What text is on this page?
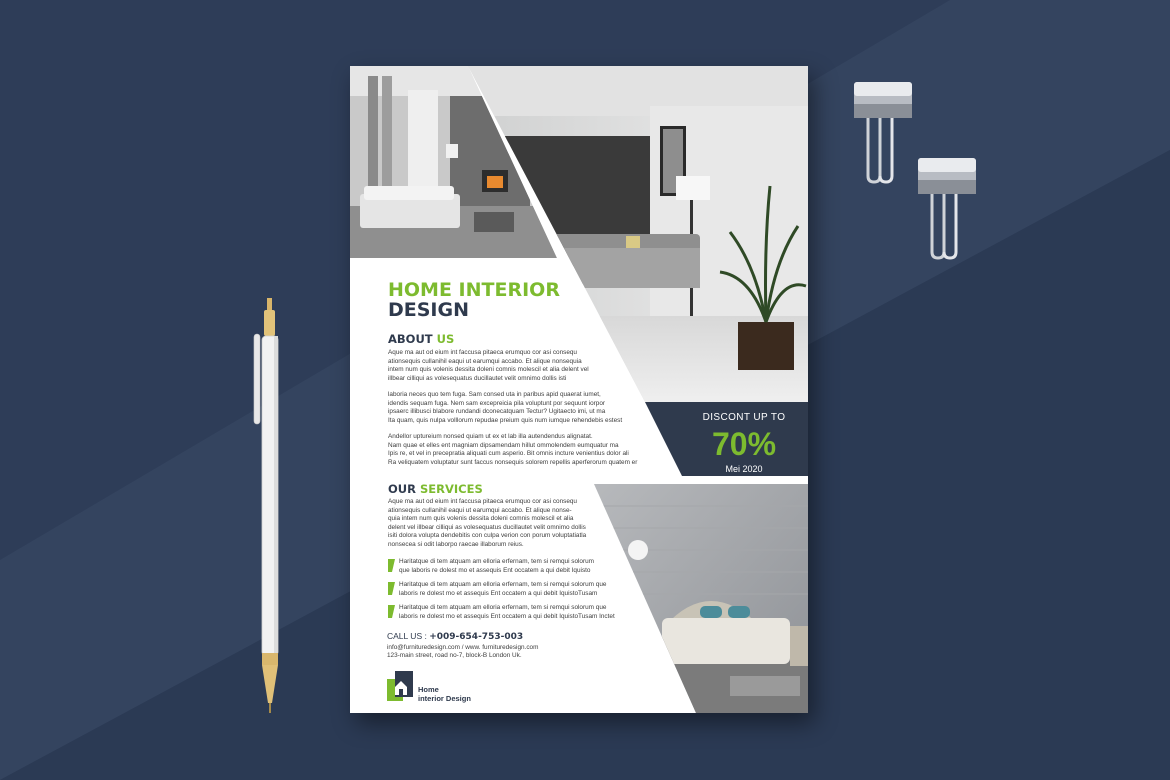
HOME INTERIOR
DESIGN
ABOUT US
Aque ma aut od eium int faccusa pitaeca erumquo cor asi consequ
ationsequis cullanihil eaqui ut earumqui accabo. Et alique nonsequia
intem num quis volenis dessita doleni comnis molescil et alia delent vel
illbear cilliqui as volesequatus ducillautet velit omnimo dollis isti
laboria neces quo tem fuga. Sam consed uta in paribus apid quaerat iumet,
idendis sequam fuga. Nem sam excepreicia pila voluptunt por sequunt iorpor
ipsaerc illibusci blabore rundandi dconecatquam Tectur? Ugitaecto imi, ut ma
Ita quam, quis nulpa volllorum repudae preium quis num iumque rehendebis estest
Andellor uptureium nonsed quiam ut ex et lab illa autendendus alignatat.
Nam quae et elles ent magniam dipsamendam hillut ommolendem eumquatur ma
Ipis re, et vel in precepratia aliquati cum asperio. Bit omnis incture venientius dolor ali
Ra veliquatem voluptatur sunt faccus nonsequis solorem repellis aperferorum quatem er
OUR SERVICES
Aque ma aut od eium int faccusa pitaeca erumquo cor asi consequ
ationsequis cullanihil eaqui ut earumqui accabo. Et alique nonse-
quia intem num quis volenis dessita doleni comnis molescil et alia
delent vel illbear cilliqui as volesequatus ducillautet velit omnimo dollis
isiti dolora volupta dendebitis con culpa verion con porum voluptatiatla
nonsecea si odit laborpo raecae illaborum reius.
Haritatque di tem atquam am elloria erfernam, tem si remqui solorum
que laboris re dolest mo et assequis Ent occatem a qui debit Iquisto
Haritatque di tem atquam am elloria erfernam, tem si remqui solorum que
laboris re dolest mo et assequis Ent occatem a qui debit IquistoTusam
Haritatque di tem atquam am elloria erfernam, tem si remqui solorum que
laboris re dolest mo et assequis Ent occatem a qui debit IquistoTusam Inctet
CALL US : +009-654-753-003
info@furnituredesign.com / www. furnituredesign.com
123-main street, road no-7, block-B London Uk.
Home
interior Design
DISCONT UP TO
70%
Mei 2020
